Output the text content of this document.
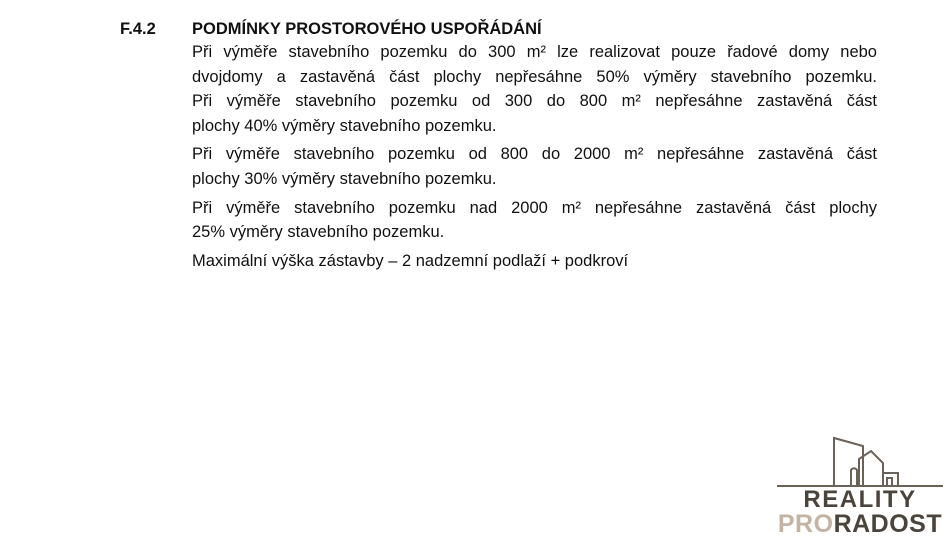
F.4.2	PODMÍNKY PROSTOROVÉHO USPOŘÁDÁNÍ
Při výměře stavebního pozemku do 300 m² lze realizovat pouze řadové domy nebo
dvojdomy a zastavěná část plochy nepřesáhne 50% výměry stavebního pozemku.
Při výměře stavebního pozemku od 300 do 800 m² nepřesáhne zastavěná část
plochy 40% výměry stavebního pozemku.
Při výměře stavebního pozemku od 800 do 2000 m² nepřesáhne zastavěná část
plochy 30% výměry stavebního pozemku.
Při výměře stavebního pozemku nad 2000 m² nepřesáhne zastavěná část plochy
25% výměry stavebního pozemku.
Maximální výška zástavby – 2 nadzemní podlaží + podkroví
REALITY
PRORADOST
